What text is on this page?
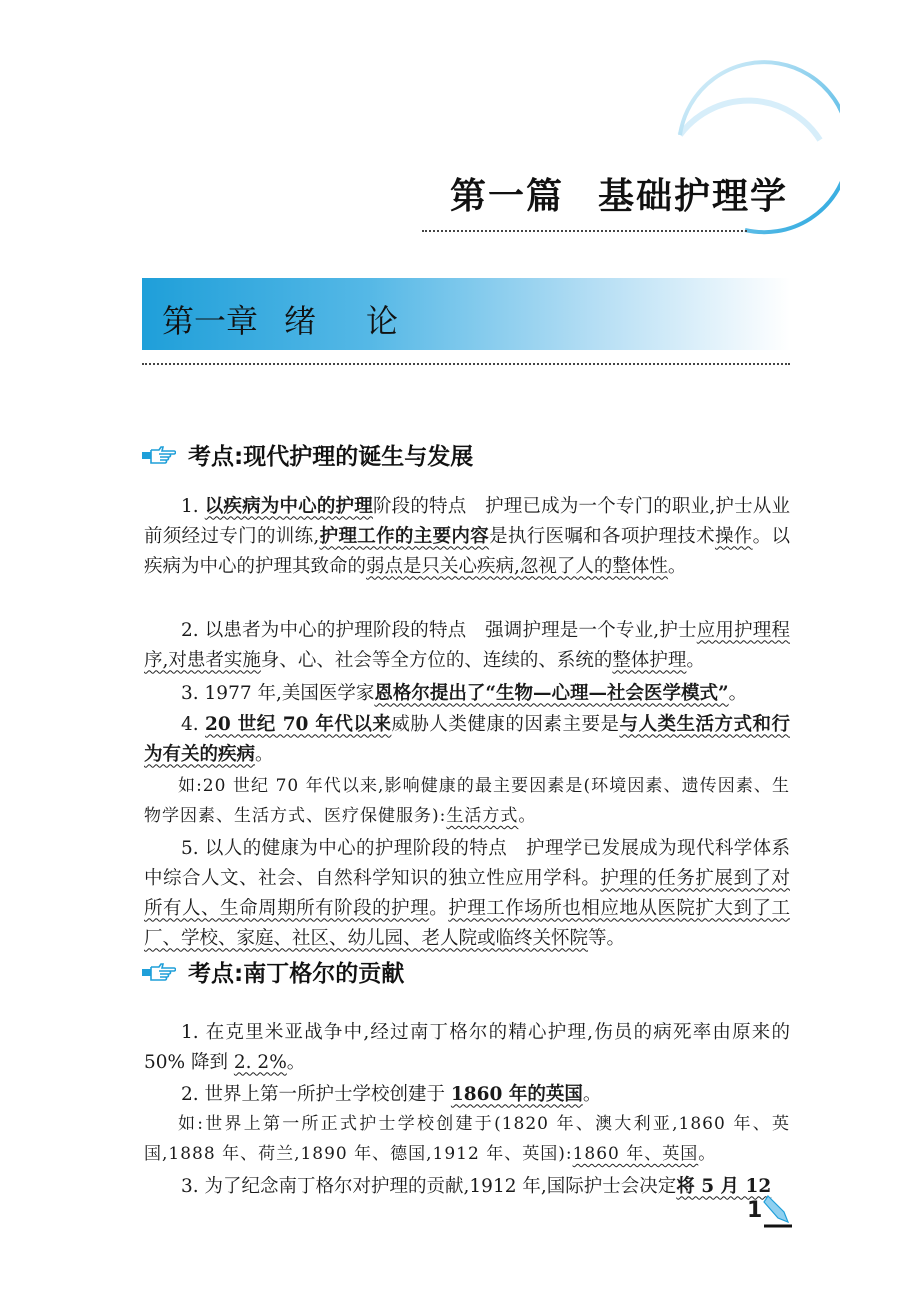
第一篇 基础护理学
第一章 绪 论
考点:现代护理的诞生与发展

1. 以疾病为中心的护理阶段的特点　护理已成为一个专门的职业,护士从业前须经过专门的训练,护理工作的主要内容是执行医嘱和各项护理技术操作。以疾病为中心的护理其致命的弱点是只关心疾病,忽视了人的整体性。

2. 以患者为中心的护理阶段的特点　强调护理是一个专业,护士应用护理程序,对患者实施身、心、社会等全方位的、连续的、系统的整体护理。

3. 1977 年,美国医学家恩格尔提出了“生物—心理—社会医学模式”。

4. 20 世纪 70 年代以来威胁人类健康的因素主要是与人类生活方式和行为有关的疾病。

如:20 世纪 70 年代以来,影响健康的最主要因素是(环境因素、遗传因素、生物学因素、生活方式、医疗保健服务):生活方式。

5. 以人的健康为中心的护理阶段的特点　护理学已发展成为现代科学体系中综合人文、社会、自然科学知识的独立性应用学科。护理的任务扩展到了对所有人、生命周期所有阶段的护理。护理工作场所也相应地从医院扩大到了工厂、学校、家庭、社区、幼儿园、老人院或临终关怀院等。

考点:南丁格尔的贡献

1. 在克里米亚战争中,经过南丁格尔的精心护理,伤员的病死率由原来的 50% 降到 2. 2%。

2. 世界上第一所护士学校创建于 1860 年的英国。

如:世界上第一所正式护士学校创建于(1820 年、澳大利亚,1860 年、英国,1888 年、荷兰,1890 年、德国,1912 年、英国):1860 年、英国。

3. 为了纪念南丁格尔对护理的贡献,1912 年,国际护士会决定将 5 月 12

1
